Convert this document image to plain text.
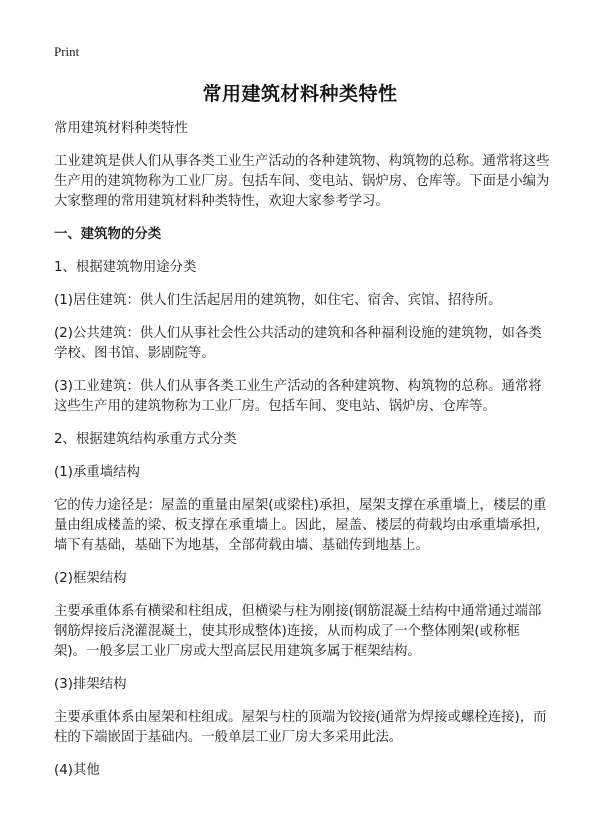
Print
常用建筑材料种类特性
常用建筑材料种类特性
工业建筑是供人们从事各类工业生产活动的各种建筑物、构筑物的总称。通常将这些生产用的建筑物称为工业厂房。包括车间、变电站、锅炉房、仓库等。下面是小编为大家整理的常用建筑材料种类特性，欢迎大家参考学习。
一、建筑物的分类
1、根据建筑物用途分类
(1)居住建筑：供人们生活起居用的建筑物，如住宅、宿舍、宾馆、招待所。
(2)公共建筑：供人们从事社会性公共活动的建筑和各种福利设施的建筑物，如各类学校、图书馆、影剧院等。
(3)工业建筑：供人们从事各类工业生产活动的各种建筑物、构筑物的总称。通常将这些生产用的建筑物称为工业厂房。包括车间、变电站、锅炉房、仓库等。
2、根据建筑结构承重方式分类
(1)承重墙结构
它的传力途径是：屋盖的重量由屋架(或梁柱)承担，屋架支撑在承重墙上，楼层的重量由组成楼盖的梁、板支撑在承重墙上。因此，屋盖、楼层的荷载均由承重墙承担,墙下有基础，基础下为地基，全部荷载由墙、基础传到地基上。
(2)框架结构
主要承重体系有横梁和柱组成，但横梁与柱为刚接(钢筋混凝土结构中通常通过端部钢筋焊接后浇灌混凝土，使其形成整体)连接，从而构成了一个整体刚架(或称框架)。一般多层工业厂房或大型高层民用建筑多属于框架结构。
(3)排架结构
主要承重体系由屋架和柱组成。屋架与柱的顶端为铰接(通常为焊接或螺栓连接)，而柱的下端嵌固于基础内。一般单层工业厂房大多采用此法。
(4)其他
